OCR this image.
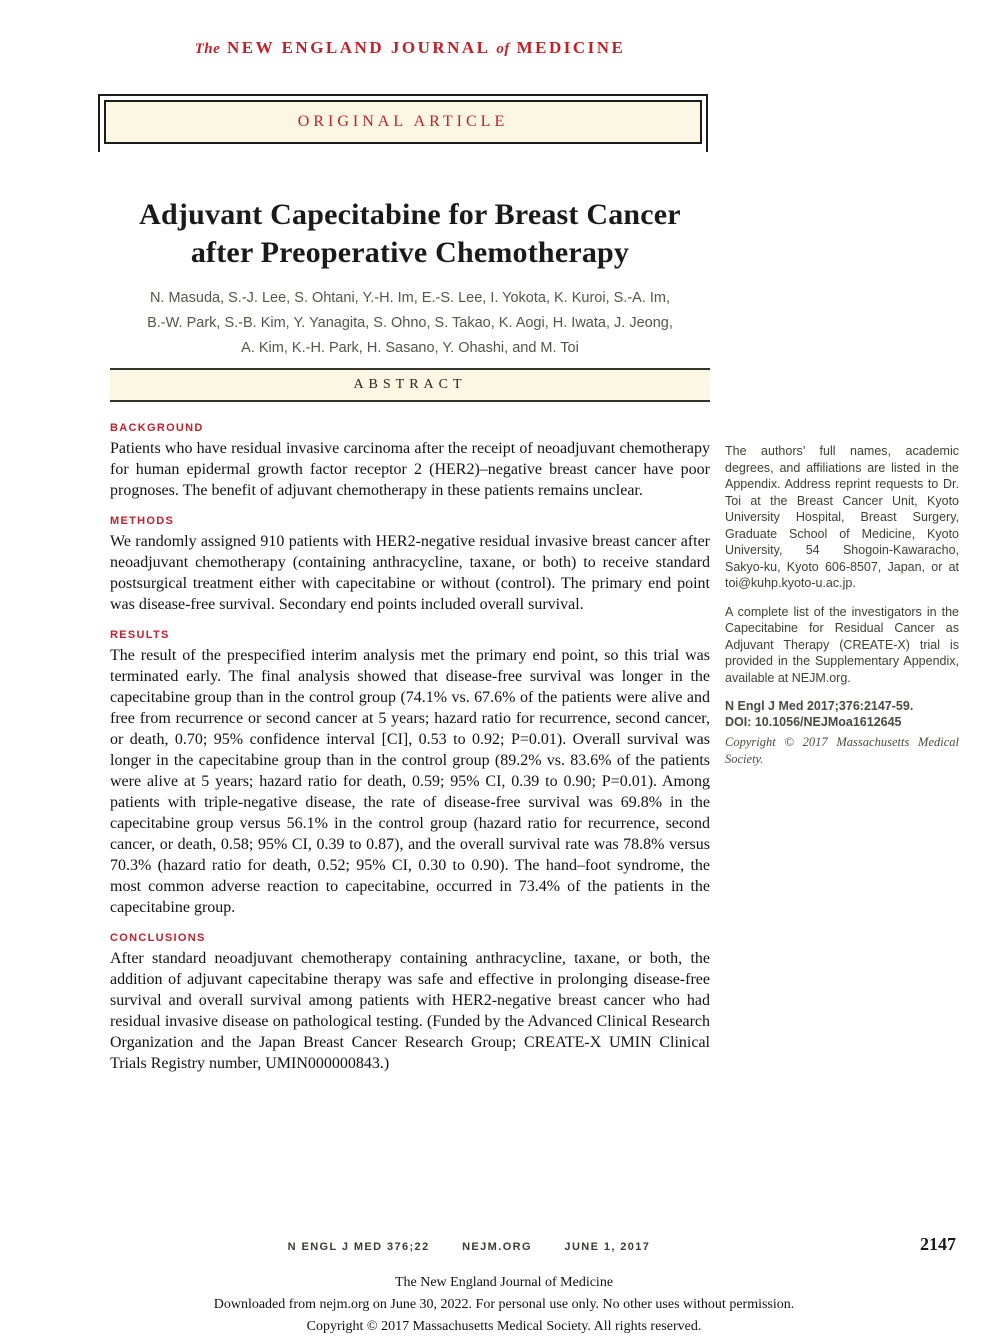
The NEW ENGLAND JOURNAL of MEDICINE
ORIGINAL ARTICLE
Adjuvant Capecitabine for Breast Cancer
after Preoperative Chemotherapy
N. Masuda, S.-J. Lee, S. Ohtani, Y.-H. Im, E.-S. Lee, I. Yokota, K. Kuroi, S.-A. Im,
B.-W. Park, S.-B. Kim, Y. Yanagita, S. Ohno, S. Takao, K. Aogi, H. Iwata, J. Jeong,
A. Kim, K.-H. Park, H. Sasano, Y. Ohashi, and M. Toi
ABSTRACT
BACKGROUND

Patients who have residual invasive carcinoma after the receipt of neoadjuvant chemotherapy for human epidermal growth factor receptor 2 (HER2)–negative breast cancer have poor prognoses. The benefit of adjuvant chemotherapy in these patients remains unclear.

METHODS

We randomly assigned 910 patients with HER2-negative residual invasive breast cancer after neoadjuvant chemotherapy (containing anthracycline, taxane, or both) to receive standard postsurgical treatment either with capecitabine or without (control). The primary end point was disease-free survival. Secondary end points included overall survival.

RESULTS

The result of the prespecified interim analysis met the primary end point, so this trial was terminated early. The final analysis showed that disease-free survival was longer in the capecitabine group than in the control group (74.1% vs. 67.6% of the patients were alive and free from recurrence or second cancer at 5 years; hazard ratio for recurrence, second cancer, or death, 0.70; 95% confidence interval [CI], 0.53 to 0.92; P=0.01). Overall survival was longer in the capecitabine group than in the control group (89.2% vs. 83.6% of the patients were alive at 5 years; hazard ratio for death, 0.59; 95% CI, 0.39 to 0.90; P=0.01). Among patients with triple-negative disease, the rate of disease-free survival was 69.8% in the capecitabine group versus 56.1% in the control group (hazard ratio for recurrence, second cancer, or death, 0.58; 95% CI, 0.39 to 0.87), and the overall survival rate was 78.8% versus 70.3% (hazard ratio for death, 0.52; 95% CI, 0.30 to 0.90). The hand–foot syndrome, the most common adverse reaction to capecitabine, occurred in 73.4% of the patients in the capecitabine group.

CONCLUSIONS

After standard neoadjuvant chemotherapy containing anthracycline, taxane, or both, the addition of adjuvant capecitabine therapy was safe and effective in prolonging disease-free survival and overall survival among patients with HER2-negative breast cancer who had residual invasive disease on pathological testing. (Funded by the Advanced Clinical Research Organization and the Japan Breast Cancer Research Group; CREATE-X UMIN Clinical Trials Registry number, UMIN000000843.)

The authors’ full names, academic degrees, and affiliations are listed in the Appendix. Address reprint requests to Dr. Toi at the Breast Cancer Unit, Kyoto University Hospital, Breast Surgery, Graduate School of Medicine, Kyoto University, 54 Shogoin-Kawaracho, Sakyo-ku, Kyoto 606-8507, Japan, or at toi@kuhp.kyoto-u.ac.jp.

A complete list of the investigators in the Capecitabine for Residual Cancer as Adjuvant Therapy (CREATE-X) trial is provided in the Supplementary Appendix, available at NEJM.org.

N Engl J Med 2017;376:2147-59.

DOI: 10.1056/NEJMoa1612645

Copyright © 2017 Massachusetts Medical Society.

N ENGL J MED 376;22	NEJM.ORG	JUNE 1, 2017	2147
The New England Journal of Medicine
Downloaded from nejm.org on June 30, 2022. For personal use only. No other uses without permission.
Copyright © 2017 Massachusetts Medical Society. All rights reserved.
